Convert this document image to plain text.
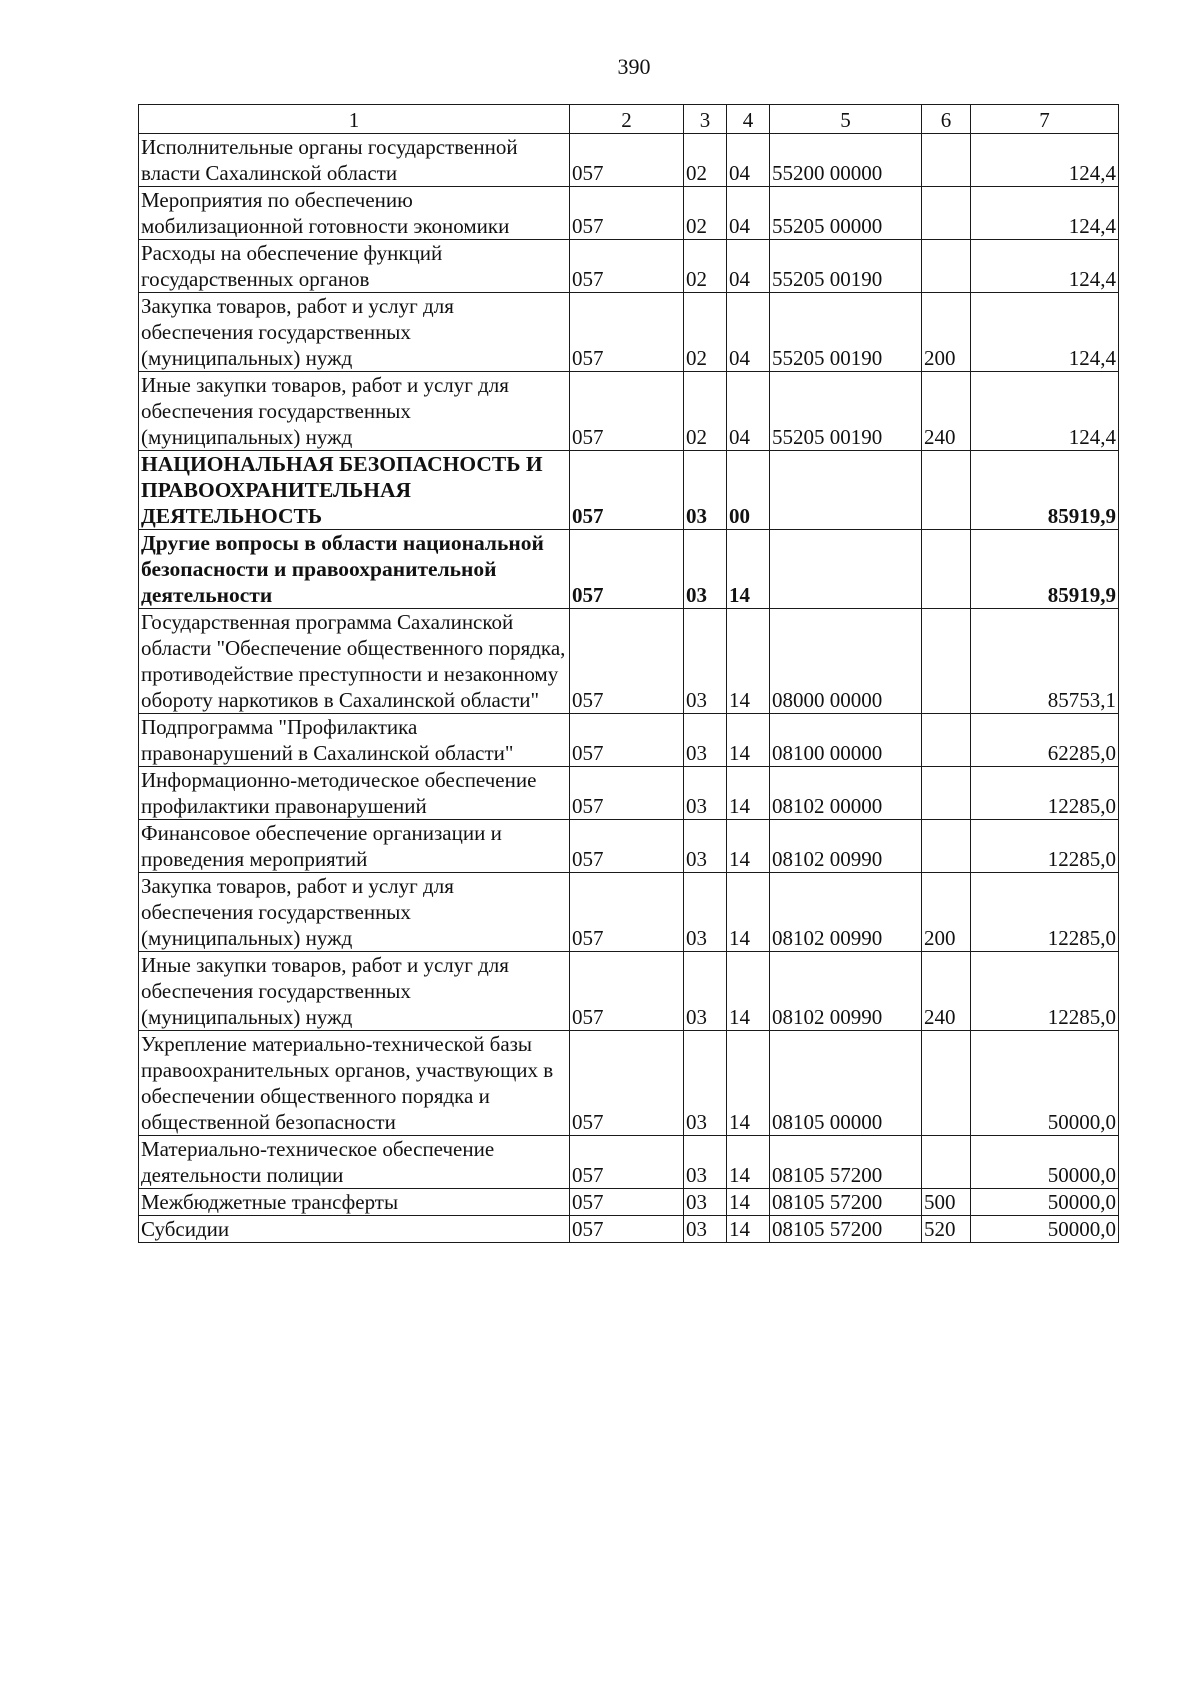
390
1	2	3	4	5	6	7
Исполнительные органы государственной власти Сахалинской области	057	02	04	55200 00000		124,4
Мероприятия по обеспечению мобилизационной готовности экономики	057	02	04	55205 00000		124,4
Расходы на обеспечение функций государственных органов	057	02	04	55205 00190		124,4
Закупка товаров, работ и услуг для обеспечения государственных (муниципальных) нужд	057	02	04	55205 00190	200	124,4
Иные закупки товаров, работ и услуг для обеспечения государственных (муниципальных) нужд	057	02	04	55205 00190	240	124,4
НАЦИОНАЛЬНАЯ БЕЗОПАСНОСТЬ И ПРАВООХРАНИТЕЛЬНАЯ ДЕЯТЕЛЬНОСТЬ	057	03	00			85919,9
Другие вопросы в области национальной безопасности и правоохранительной деятельности	057	03	14			85919,9
Государственная программа Сахалинской области "Обеспечение общественного порядка, противодействие преступности и незаконному обороту наркотиков в Сахалинской области"	057	03	14	08000 00000		85753,1
Подпрограмма "Профилактика правонарушений в Сахалинской области"	057	03	14	08100 00000		62285,0
Информационно-методическое обеспечение профилактики правонарушений	057	03	14	08102 00000		12285,0
Финансовое обеспечение организации и проведения мероприятий	057	03	14	08102 00990		12285,0
Закупка товаров, работ и услуг для обеспечения государственных (муниципальных) нужд	057	03	14	08102 00990	200	12285,0
Иные закупки товаров, работ и услуг для обеспечения государственных (муниципальных) нужд	057	03	14	08102 00990	240	12285,0
Укрепление материально-технической базы правоохранительных органов, участвующих в обеспечении общественного порядка и общественной безопасности	057	03	14	08105 00000		50000,0
Материально-техническое обеспечение деятельности полиции	057	03	14	08105 57200		50000,0
Межбюджетные трансферты	057	03	14	08105 57200	500	50000,0
Субсидии	057	03	14	08105 57200	520	50000,0
